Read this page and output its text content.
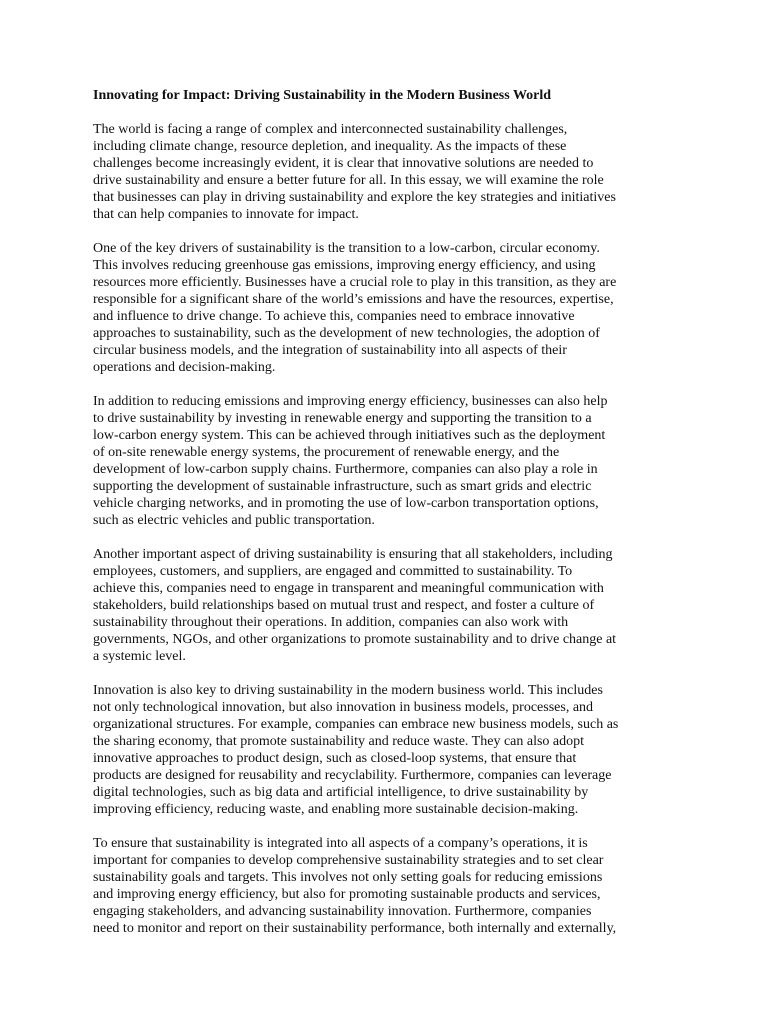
Innovating for Impact: Driving Sustainability in the Modern Business World
The world is facing a range of complex and interconnected sustainability challenges,
including climate change, resource depletion, and inequality. As the impacts of these
challenges become increasingly evident, it is clear that innovative solutions are needed to
drive sustainability and ensure a better future for all. In this essay, we will examine the role
that businesses can play in driving sustainability and explore the key strategies and initiatives
that can help companies to innovate for impact.
One of the key drivers of sustainability is the transition to a low-carbon, circular economy.
This involves reducing greenhouse gas emissions, improving energy efficiency, and using
resources more efficiently. Businesses have a crucial role to play in this transition, as they are
responsible for a significant share of the world’s emissions and have the resources, expertise,
and influence to drive change. To achieve this, companies need to embrace innovative
approaches to sustainability, such as the development of new technologies, the adoption of
circular business models, and the integration of sustainability into all aspects of their
operations and decision-making.
In addition to reducing emissions and improving energy efficiency, businesses can also help
to drive sustainability by investing in renewable energy and supporting the transition to a
low-carbon energy system. This can be achieved through initiatives such as the deployment
of on-site renewable energy systems, the procurement of renewable energy, and the
development of low-carbon supply chains. Furthermore, companies can also play a role in
supporting the development of sustainable infrastructure, such as smart grids and electric
vehicle charging networks, and in promoting the use of low-carbon transportation options,
such as electric vehicles and public transportation.
Another important aspect of driving sustainability is ensuring that all stakeholders, including
employees, customers, and suppliers, are engaged and committed to sustainability. To
achieve this, companies need to engage in transparent and meaningful communication with
stakeholders, build relationships based on mutual trust and respect, and foster a culture of
sustainability throughout their operations. In addition, companies can also work with
governments, NGOs, and other organizations to promote sustainability and to drive change at
a systemic level.
Innovation is also key to driving sustainability in the modern business world. This includes
not only technological innovation, but also innovation in business models, processes, and
organizational structures. For example, companies can embrace new business models, such as
the sharing economy, that promote sustainability and reduce waste. They can also adopt
innovative approaches to product design, such as closed-loop systems, that ensure that
products are designed for reusability and recyclability. Furthermore, companies can leverage
digital technologies, such as big data and artificial intelligence, to drive sustainability by
improving efficiency, reducing waste, and enabling more sustainable decision-making.
To ensure that sustainability is integrated into all aspects of a company’s operations, it is
important for companies to develop comprehensive sustainability strategies and to set clear
sustainability goals and targets. This involves not only setting goals for reducing emissions
and improving energy efficiency, but also for promoting sustainable products and services,
engaging stakeholders, and advancing sustainability innovation. Furthermore, companies
need to monitor and report on their sustainability performance, both internally and externally,
